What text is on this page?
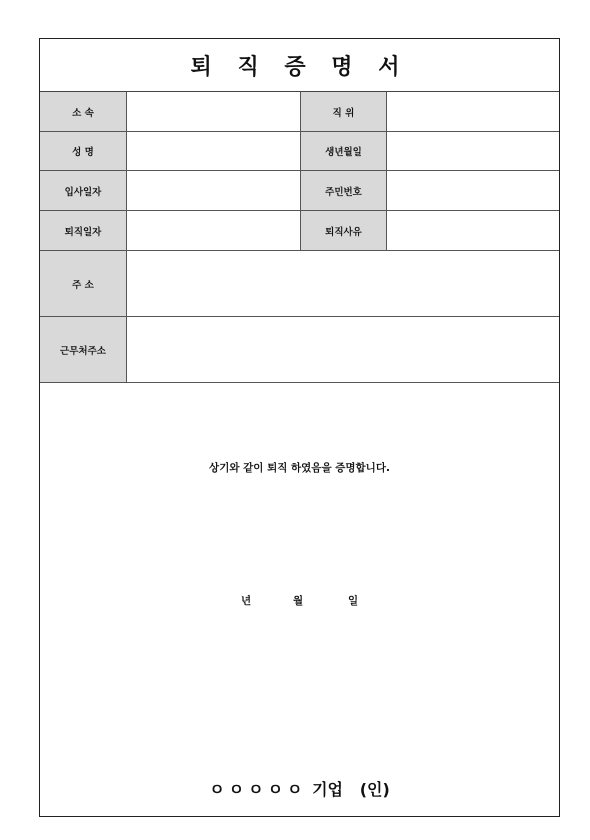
퇴 직 증 명 서
소 속	직 위
성 명	생년월일
입사일자	주민번호
퇴직일자	퇴직사유
주 소
근무처주소
상기와 같이 퇴직 하였음을 증명합니다.
년	월	일
ㅇㅇㅇㅇㅇ 기업 (인)
